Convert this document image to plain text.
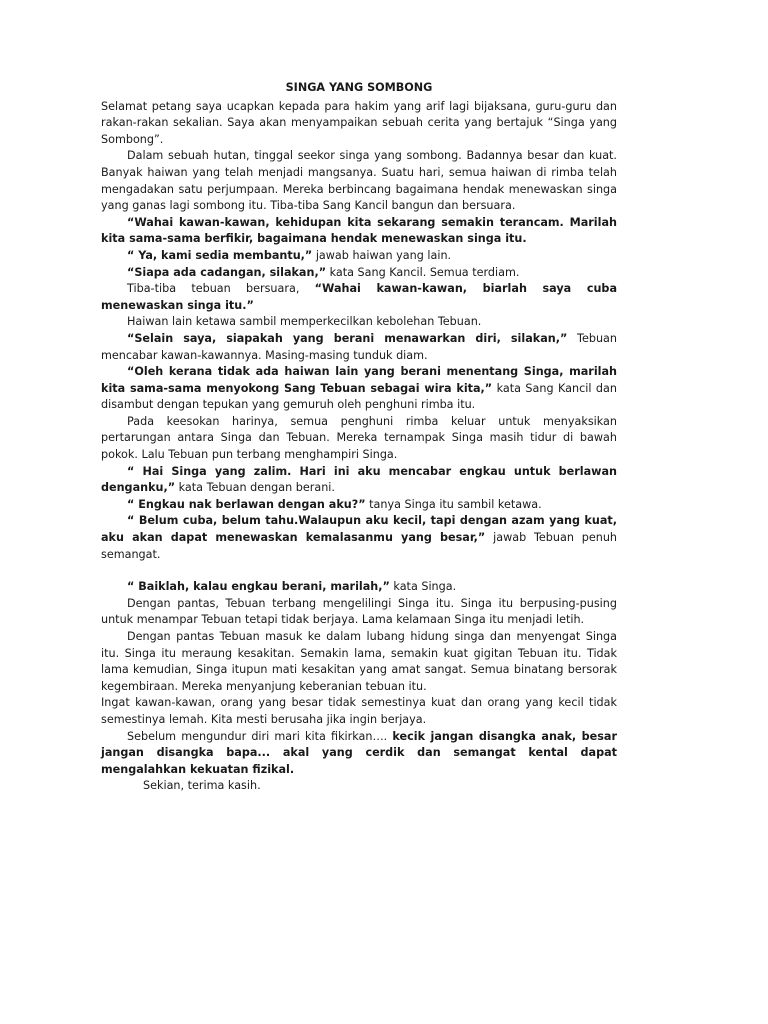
SINGA YANG SOMBONG

Selamat petang saya ucapkan kepada para hakim yang arif lagi bijaksana, guru-guru dan rakan-rakan sekalian. Saya akan menyampaikan sebuah cerita yang bertajuk “Singa yang Sombong”.

Dalam sebuah hutan, tinggal seekor singa yang sombong. Badannya besar dan kuat. Banyak haiwan yang telah menjadi mangsanya. Suatu hari, semua haiwan di rimba telah mengadakan satu perjumpaan. Mereka berbincang bagaimana hendak menewaskan singa yang ganas lagi sombong itu. Tiba-tiba Sang Kancil bangun dan bersuara.

“Wahai kawan-kawan, kehidupan kita sekarang semakin terancam. Marilah kita sama-sama berfikir, bagaimana hendak menewaskan singa itu.

“ Ya, kami sedia membantu,” jawab haiwan yang lain.

“Siapa ada cadangan, silakan,” kata Sang Kancil. Semua terdiam.

Tiba-tiba tebuan bersuara, “Wahai kawan-kawan, biarlah saya cuba menewaskan singa itu.”

Haiwan lain ketawa sambil memperkecilkan kebolehan Tebuan.

“Selain saya, siapakah yang berani menawarkan diri, silakan,” Tebuan mencabar kawan-kawannya. Masing-masing tunduk diam.

“Oleh kerana tidak ada haiwan lain yang berani menentang Singa, marilah kita sama-sama menyokong Sang Tebuan sebagai wira kita,” kata Sang Kancil dan disambut dengan tepukan yang gemuruh oleh penghuni rimba itu.

Pada keesokan harinya, semua penghuni rimba keluar untuk menyaksikan pertarungan antara Singa dan Tebuan. Mereka ternampak Singa masih tidur di bawah pokok. Lalu Tebuan pun terbang menghampiri Singa.

“ Hai Singa yang zalim. Hari ini aku mencabar engkau untuk berlawan denganku,” kata Tebuan dengan berani.

“ Engkau nak berlawan dengan aku?” tanya Singa itu sambil ketawa.

“ Belum cuba, belum tahu.Walaupun aku kecil, tapi dengan azam yang kuat, aku akan dapat menewaskan kemalasanmu yang besar,” jawab Tebuan penuh semangat.

“ Baiklah, kalau engkau berani, marilah,” kata Singa.

Dengan pantas, Tebuan terbang mengelilingi Singa itu. Singa itu berpusing-pusing untuk menampar Tebuan tetapi tidak berjaya. Lama kelamaan Singa itu menjadi letih.

Dengan pantas Tebuan masuk ke dalam lubang hidung singa dan menyengat Singa itu. Singa itu meraung kesakitan. Semakin lama, semakin kuat gigitan Tebuan itu. Tidak lama kemudian, Singa itupun mati kesakitan yang amat sangat. Semua binatang bersorak kegembiraan. Mereka menyanjung keberanian tebuan itu.

Ingat kawan-kawan, orang yang besar tidak semestinya kuat dan orang yang kecil tidak semestinya lemah. Kita mesti berusaha jika ingin berjaya.

Sebelum mengundur diri mari kita fikirkan…. kecik jangan disangka anak, besar jangan disangka bapa... akal yang cerdik dan semangat kental dapat mengalahkan kekuatan fizikal.

Sekian, terima kasih.
